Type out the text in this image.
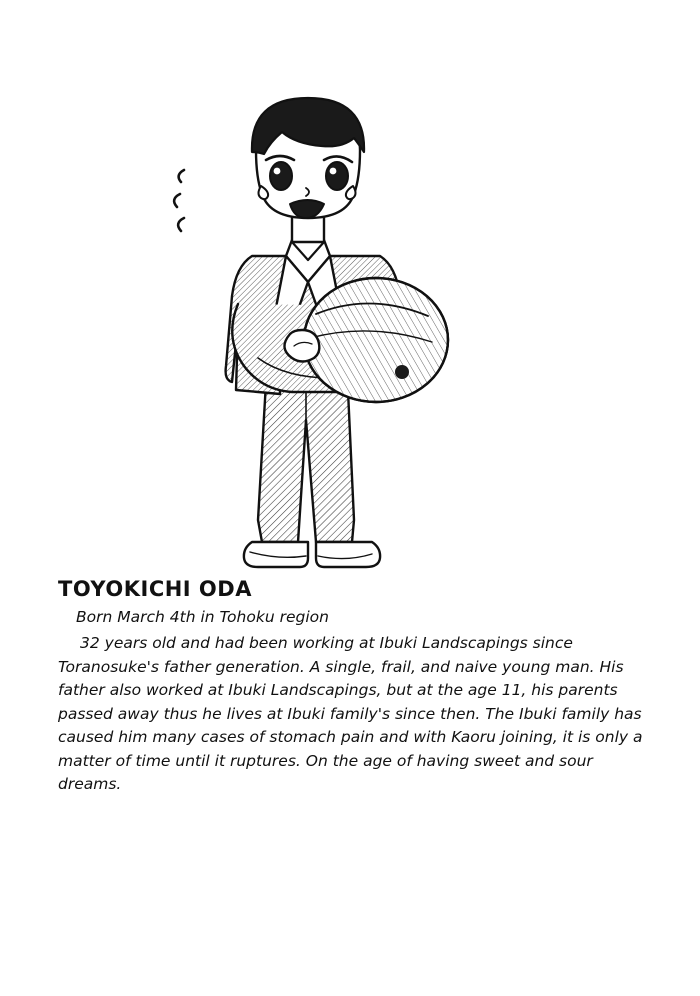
TOYOKICHI ODA

Born March 4th in Tohoku region

32 years old and had been working at Ibuki Landscapings since Toranosuke's father generation. A single, frail, and naive young man. His father also worked at Ibuki Landscapings, but at the age 11, his parents passed away thus he lives at Ibuki family's since then. The Ibuki family has caused him many cases of stomach pain and with Kaoru joining, it is only a matter of time until it ruptures. On the age of having sweet and sour dreams.
